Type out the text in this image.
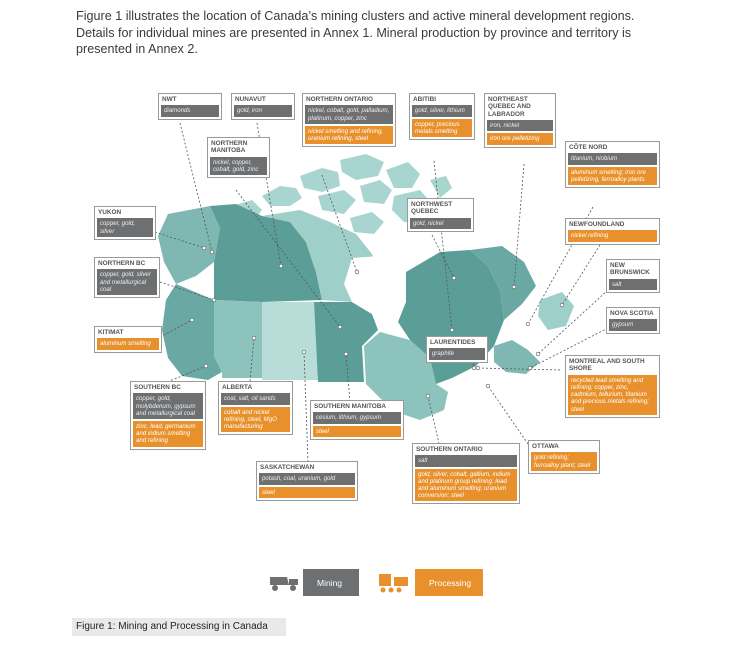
Figure 1 illustrates the location of Canada’s mining clusters and active mineral development regions. Details for individual mines are presented in Annex 1. Mineral production by province and territory is presented in Annex 2.
NWT
diamonds
NUNAVUT
gold, iron
NORTHERN ONTARIO
nickel, cobalt, gold, palladium, platinum, copper, zinc
nickel smelting and refining, uranium refining, steel
ABITIBI
gold, silver, lithium
copper, precious metals smelting
NORTHEAST QUEBEC AND LABRADOR
iron, nickel
iron ore pelletizing
CÔTE NORD
titanium, niobium
aluminum smelting; iron ore pelletizing, ferroalloy plants
NORTHERN MANITOBA
nickel, copper, cobalt, gold, zinc
YUKON
copper, gold, silver
NORTHWEST QUEBEC
gold, nickel	NEWFOUNDLAND
nickel refining
NORTHERN BC
copper, gold, silver and metallurgical coal
NEW BRUNSWICK
salt
KITIMAT
aluminum smelting
NOVA SCOTIA
gypsum
LAURENTIDES
graphite
SOUTHERN BC
copper, gold, molybdenum, gypsum and metallurgical coal
zinc, lead, germanium and indium smelting and refining
ALBERTA
coal, salt, oil sands
cobalt and nickel refining, steel, MgO manufacturing
SOUTHERN MANITOBA
cesium, lithium, gypsum
steel
MONTREAL AND SOUTH SHORE
recycled lead smelting and refining; copper, zinc, cadmium, tellurium, titanium and precious metals refining; steel
OTTAWA
gold refining; ferroalloy plant; steel
SOUTHERN ONTARIO
salt
gold, silver, cobalt, gallium, indium and platinum group refining; lead and aluminum smelting; uranium conversion; steel
SASKATCHEWAN
potash, coal, uranium, gold
steel
Mining	Processing
Figure 1: Mining and Processing in Canada
